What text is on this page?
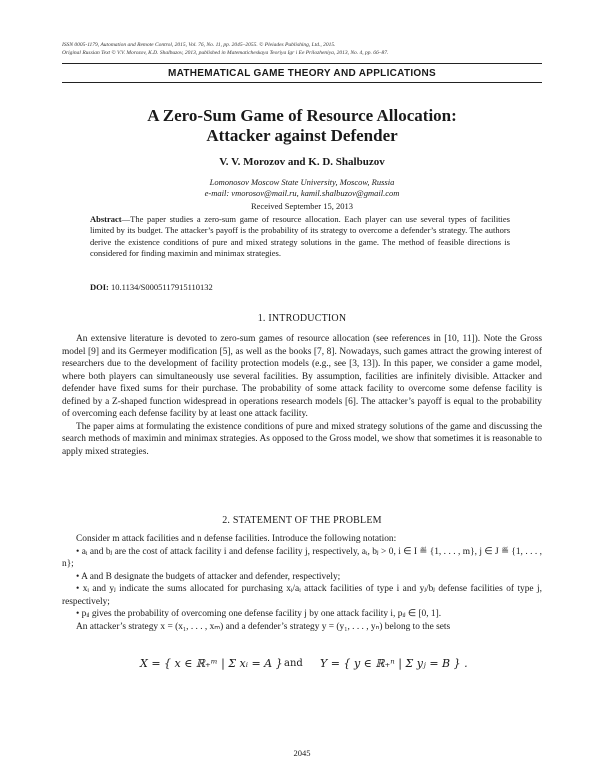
ISSN 0005-1179, Automation and Remote Control, 2015, Vol. 76, No. 11, pp. 2045–2055. © Pleiades Publishing, Ltd., 2015.
Original Russian Text © V.V. Morozov, K.D. Shalbuzov, 2013, published in Matematicheskaya Teoriya Igr i Ee Prilozheniya, 2013, No. 4, pp. 66–87.
MATHEMATICAL GAME THEORY AND APPLICATIONS
A Zero-Sum Game of Resource Allocation:
Attacker against Defender
V. V. Morozov and K. D. Shalbuzov
Lomonosov Moscow State University, Moscow, Russia
e-mail: vmorosov@mail.ru, kamil.shalbuzov@gmail.com
Received September 15, 2013
Abstract—The paper studies a zero-sum game of resource allocation. Each player can use several types of facilities limited by its budget. The attacker’s payoff is the probability of its strategy to overcome a defender’s strategy. The authors derive the existence conditions of pure and mixed strategy solutions in the game. The method of feasible directions is considered for finding maximin and minimax strategies.
DOI: 10.1134/S0005117915110132
1. INTRODUCTION

An extensive literature is devoted to zero-sum games of resource allocation (see references in [10, 11]). Note the Gross model [9] and its Germeyer modification [5], as well as the books [7, 8]. Nowadays, such games attract the growing interest of researchers due to the development of facility protection models (e.g., see [3, 13]). In this paper, we consider a game model, where both players can simultaneously use several facilities. By assumption, facilities are infinitely divisible. Attacker and defender have fixed sums for their purchase. The probability of some attack facility to overcome some defense facility is defined by a Z-shaped function widespread in operations research models [6]. The attacker’s payoff is equal to the probability of overcoming each defense facility by at least one attack facility.

The paper aims at formulating the existence conditions of pure and mixed strategy solutions of the game and discussing the search methods of maximin and minimax strategies. As opposed to the Gross model, we show that sometimes it is reasonable to apply mixed strategies.

2. STATEMENT OF THE PROBLEM

Consider m attack facilities and n defense facilities. Introduce the following notation:

• aᵢ and bⱼ are the cost of attack facility i and defense facility j, respectively, aᵢ, bⱼ > 0, i ∈ I ≝ {1, . . . , m}, j ∈ J ≝ {1, . . . , n};

• A and B designate the budgets of attacker and defender, respectively;

• xᵢ and yⱼ indicate the sums allocated for purchasing xᵢ/aᵢ attack facilities of type i and yⱼ/bⱼ defense facilities of type j, respectively;

• pᵢⱼ gives the probability of overcoming one defense facility j by one attack facility i, pᵢⱼ ∈ [0, 1].

An attacker’s strategy x = (x₁, . . . , xₘ) and a defender’s strategy y = (y₁, . . . , yₙ) belong to the sets

X = { x ∈ ℝ₊ᵐ | Σ xᵢ = A } and Y = { y ∈ ℝ₊ⁿ | Σ yⱼ = B } .
2045
